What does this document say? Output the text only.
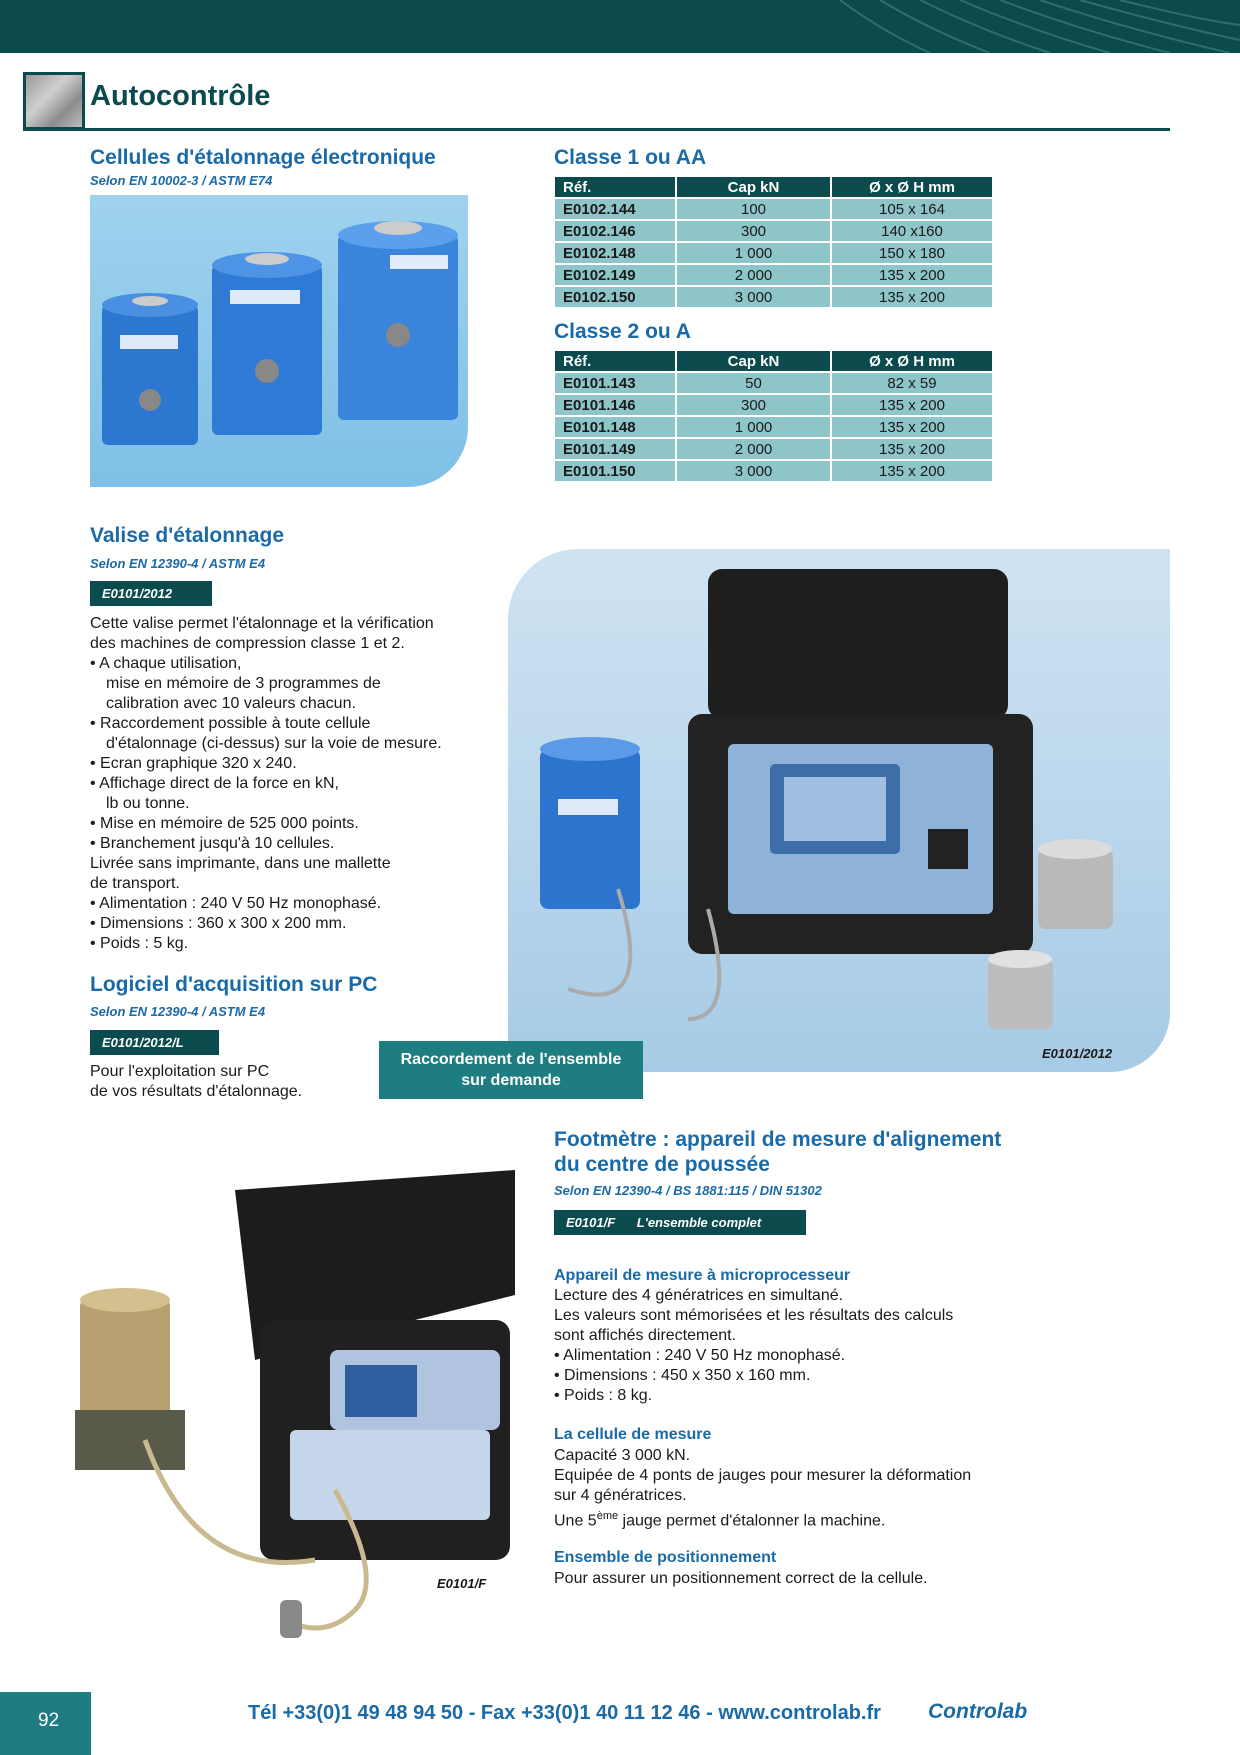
Autocontrôle
Cellules d'étalonnage électronique
Selon EN 10002-3 / ASTM E74
Classe 1 ou AA
Réf.	Cap kN	Ø x Ø H mm
E0102.144	100	105 x 164
E0102.146	300	140 x160
E0102.148	1 000	150 x 180
E0102.149	2 000	135 x 200
E0102.150	3 000	135 x 200
Classe 2 ou A
Réf.	Cap kN	Ø x Ø H mm
E0101.143	50	82 x 59
E0101.146	300	135 x 200
E0101.148	1 000	135 x 200
E0101.149	2 000	135 x 200
E0101.150	3 000	135 x 200
Valise d'étalonnage
Selon EN 12390-4 / ASTM E4
E0101/2012
Cette valise permet l'étalonnage et la vérification
des machines de compression classe 1 et 2.
• A chaque utilisation,
mise en mémoire de 3 programmes de
calibration avec 10 valeurs chacun.
• Raccordement possible à toute cellule
d'étalonnage (ci-dessus) sur la voie de mesure.
• Ecran graphique 320 x 240.
• Affichage direct de la force en kN,
lb ou tonne.
• Mise en mémoire de 525 000 points.
• Branchement jusqu'à 10 cellules.
Livrée sans imprimante, dans une mallette
de transport.
• Alimentation : 240 V 50 Hz monophasé.
• Dimensions : 360 x 300 x 200 mm.
• Poids : 5 kg.
E0101/2012
Logiciel d'acquisition sur PC
Selon EN 12390-4 / ASTM E4
E0101/2012/L
Pour l'exploitation sur PC
de vos résultats d'étalonnage.
Raccordement de l'ensemble
sur demande
E0101/F
Footmètre : appareil de mesure d'alignement
du centre de poussée
Selon EN 12390-4 / BS 1881:115 / DIN 51302
E0101/F L'ensemble complet
Appareil de mesure à microprocesseur
Lecture des 4 génératrices en simultané.
Les valeurs sont mémorisées et les résultats des calculs
sont affichés directement.
• Alimentation : 240 V 50 Hz monophasé.
• Dimensions : 450 x 350 x 160 mm.
• Poids : 8 kg.
La cellule de mesure
Capacité 3 000 kN.
Equipée de 4 ponts de jauges pour mesurer la déformation
sur 4 génératrices.
Une 5ème jauge permet d'étalonner la machine.
Ensemble de positionnement
Pour assurer un positionnement correct de la cellule.
92	Tél +33(0)1 49 48 94 50 - Fax +33(0)1 40 11 12 46 - www.controlab.fr Controlab
